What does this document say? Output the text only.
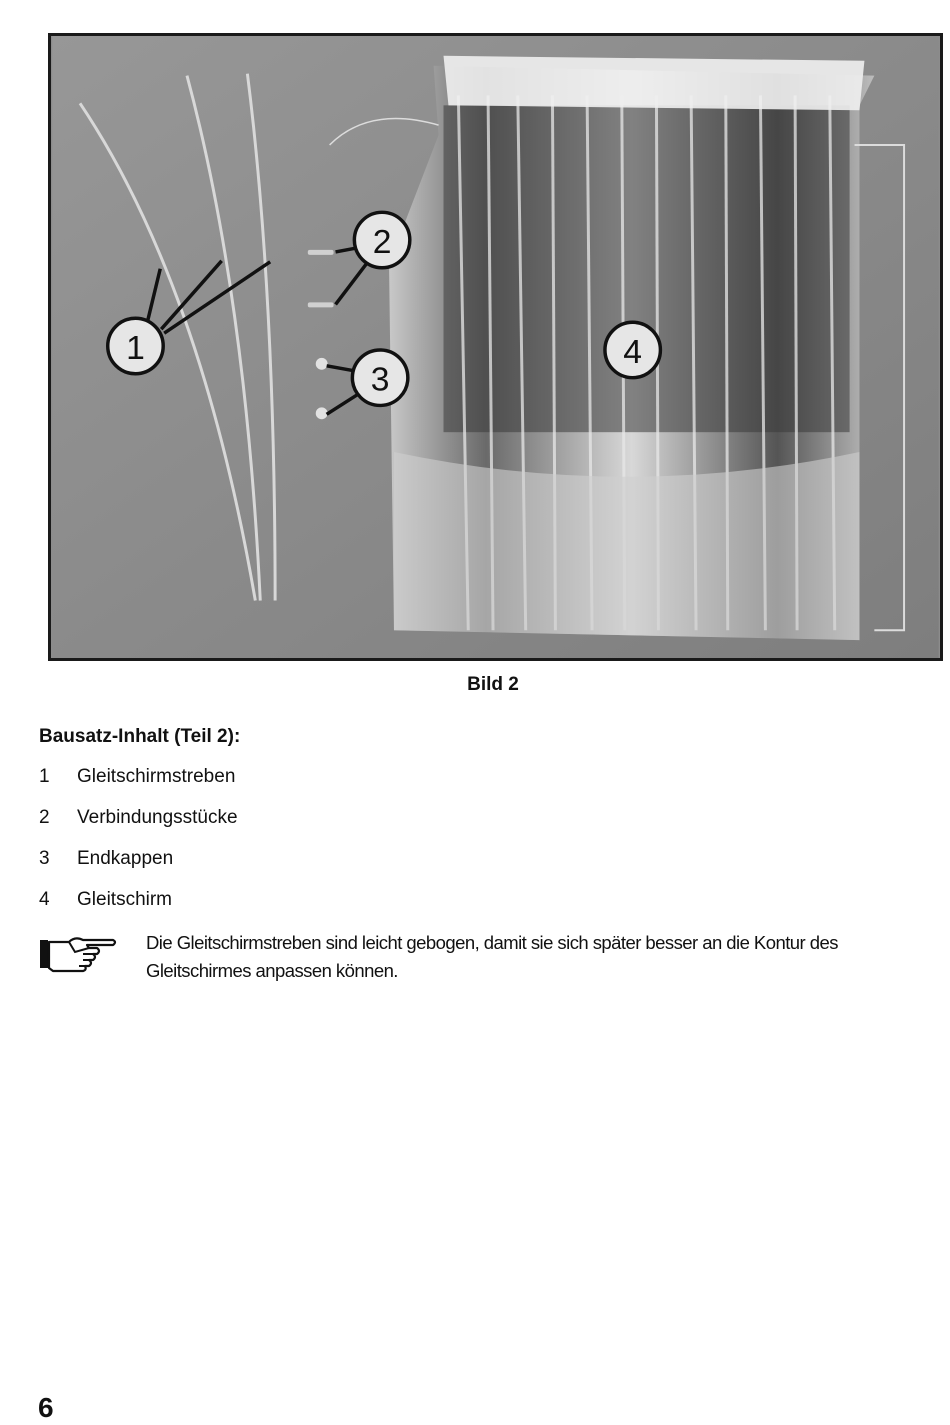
1
2
3
4
Bild 2
Bausatz-Inhalt (Teil 2):
1	Gleitschirmstreben
2	Verbindungsstücke
3	Endkappen
4	Gleitschirm
Die Gleitschirmstreben sind leicht gebogen, damit sie sich später besser an die Kontur des Gleitschirmes anpassen können.
6
